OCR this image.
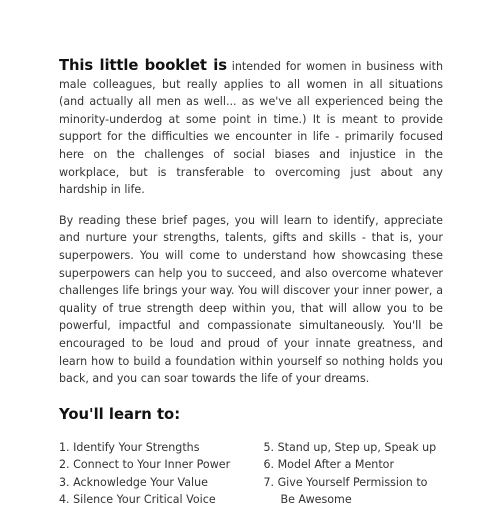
This little booklet is intended for women in business with male colleagues, but really applies to all women in all situations (and actually all men as well... as we've all experienced being the minority-underdog at some point in time.) It is meant to provide support for the difficulties we encounter in life - primarily focused here on the challenges of social biases and injustice in the workplace, but is transferable to overcoming just about any hardship in life.

By reading these brief pages, you will learn to identify, appreciate and nurture your strengths, talents, gifts and skills - that is, your superpowers. You will come to understand how showcasing these superpowers can help you to succeed, and also overcome whatever challenges life brings your way. You will discover your inner power, a quality of true strength deep within you, that will allow you to be powerful, impactful and compassionate simultaneously. You'll be encouraged to be loud and proud of your innate greatness, and learn how to build a foundation within yourself so nothing holds you back, and you can soar towards the life of your dreams.

You'll learn to:
1. Identify Your Strengths
2. Connect to Your Inner Power
3. Acknowledge Your Value
4. Silence Your Critical Voice
5. Stand up, Step up, Speak up
6. Model After a Mentor
7. Give Yourself Permission to
Be Awesome
